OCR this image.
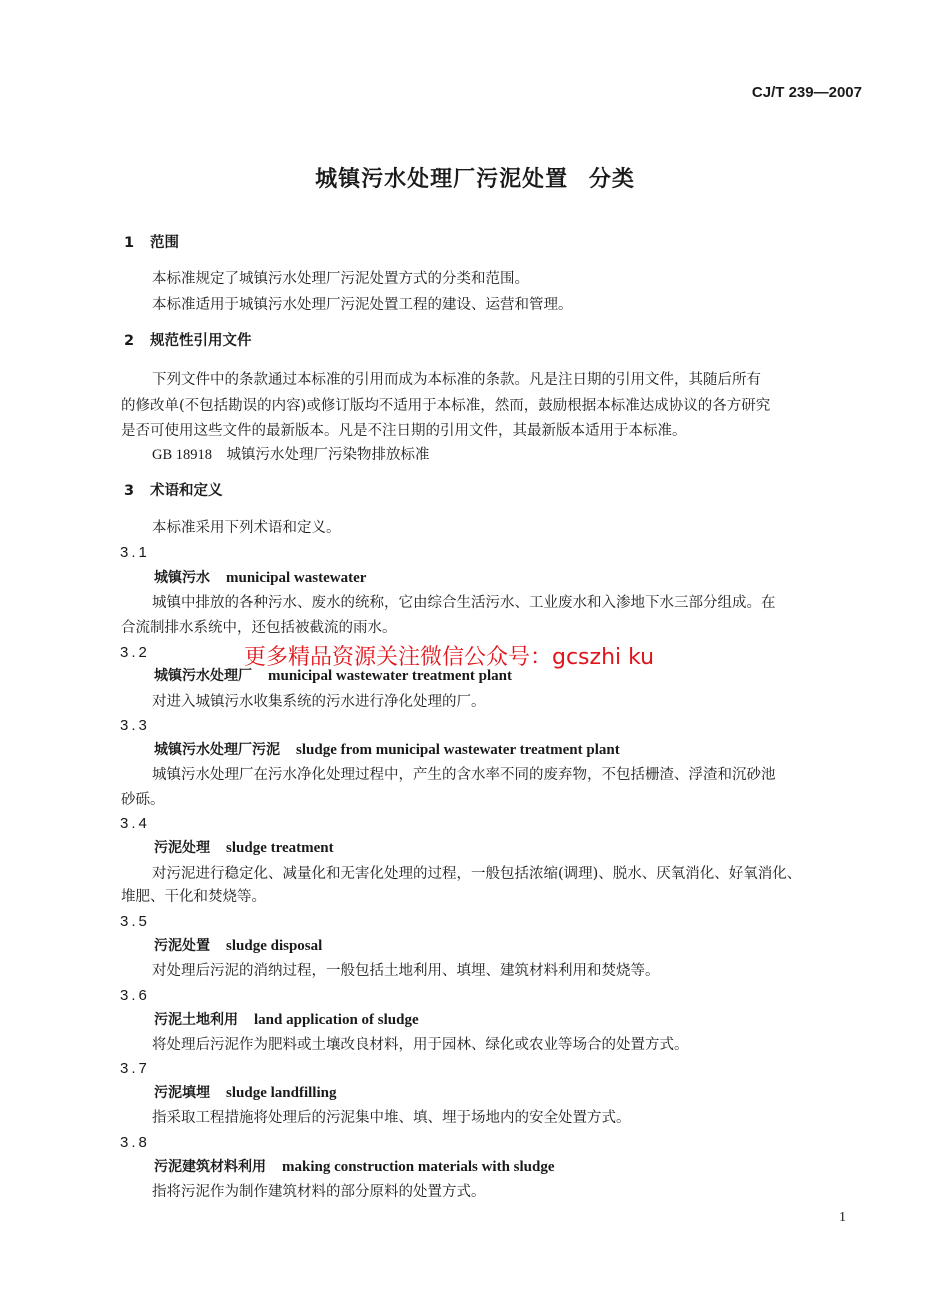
CJ/T 239—2007
城镇污水处理厂污泥处置 分类
1 范围
本标准规定了城镇污水处理厂污泥处置方式的分类和范围。
本标准适用于城镇污水处理厂污泥处置工程的建设、运营和管理。
2 规范性引用文件
下列文件中的条款通过本标准的引用而成为本标准的条款。凡是注日期的引用文件，其随后所有
的修改单(不包括勘误的内容)或修订版均不适用于本标准，然而，鼓励根据本标准达成协议的各方研究
是否可使用这些文件的最新版本。凡是不注日期的引用文件，其最新版本适用于本标准。
GB 18918　城镇污水处理厂污染物排放标准
3 术语和定义
本标准采用下列术语和定义。
3.1
城镇污水 municipal wastewater
城镇中排放的各种污水、废水的统称，它由综合生活污水、工业废水和入渗地下水三部分组成。在
合流制排水系统中，还包括被截流的雨水。
3.2
城镇污水处理厂 municipal wastewater treatment plant
对进入城镇污水收集系统的污水进行净化处理的厂。
3.3
城镇污水处理厂污泥 sludge from municipal wastewater treatment plant
城镇污水处理厂在污水净化处理过程中，产生的含水率不同的废弃物，不包括栅渣、浮渣和沉砂池
砂砾。
3.4
污泥处理 sludge treatment
对污泥进行稳定化、减量化和无害化处理的过程，一般包括浓缩(调理)、脱水、厌氧消化、好氧消化、
堆肥、干化和焚烧等。
3.5
污泥处置 sludge disposal
对处理后污泥的消纳过程，一般包括土地利用、填埋、建筑材料利用和焚烧等。
3.6
污泥土地利用 land application of sludge
将处理后污泥作为肥料或土壤改良材料，用于园林、绿化或农业等场合的处置方式。
3.7
污泥填埋 sludge landfilling
指采取工程措施将处理后的污泥集中堆、填、埋于场地内的安全处置方式。
3.8
污泥建筑材料利用 making construction materials with sludge
指将污泥作为制作建筑材料的部分原料的处置方式。
更多精品资源关注微信公众号：gcszhi ku
1
